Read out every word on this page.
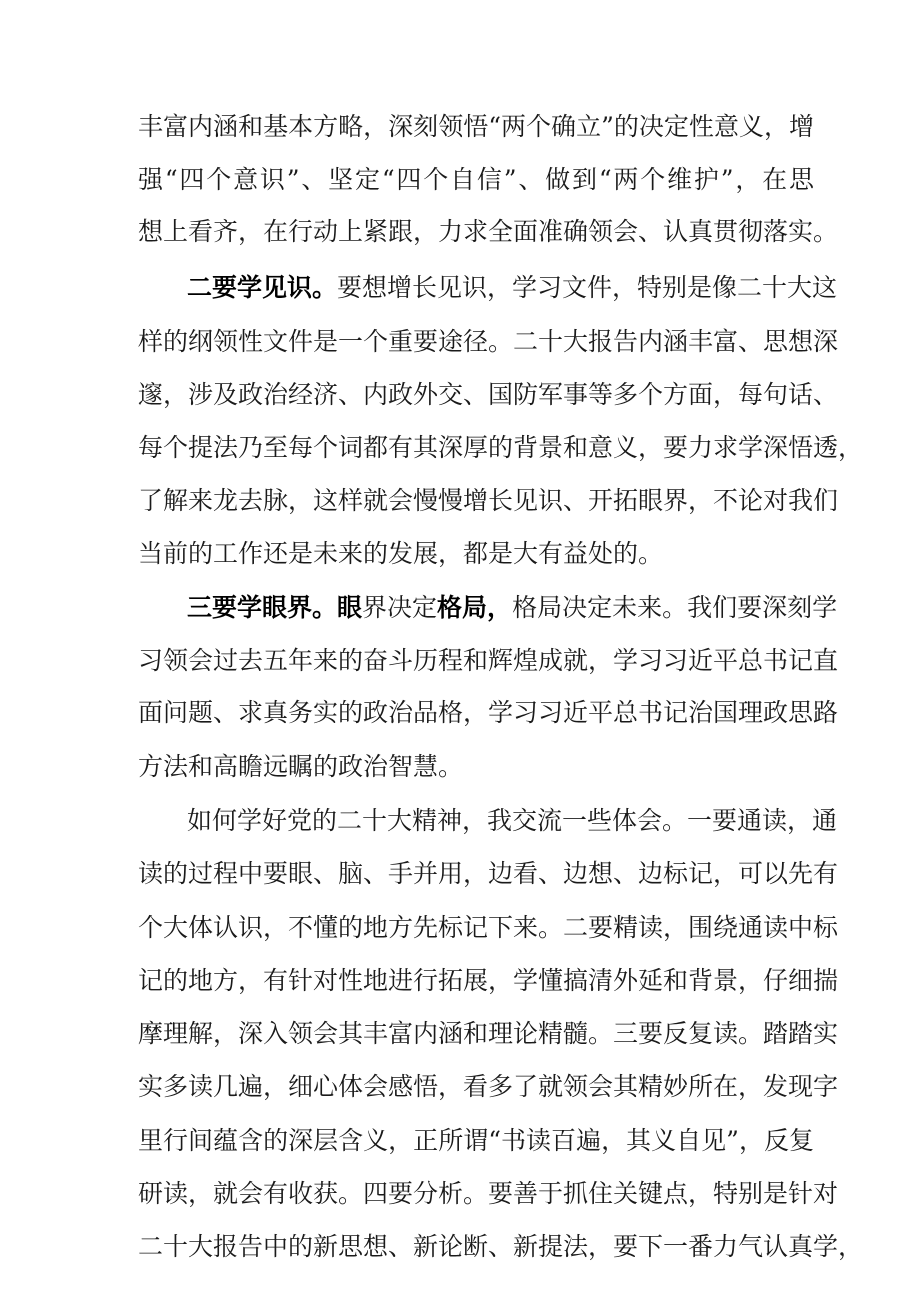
丰富内涵和基本方略，深刻领悟“两个确立”的决定性意义，增
强“四个意识”、坚定“四个自信”、做到“两个维护”，在思
想上看齐，在行动上紧跟，力求全面准确领会、认真贯彻落实。
二要学见识。要想增长见识，学习文件，特别是像二十大这
样的纲领性文件是一个重要途径。二十大报告内涵丰富、思想深
邃，涉及政治经济、内政外交、国防军事等多个方面，每句话、
每个提法乃至每个词都有其深厚的背景和意义，要力求学深悟透，
了解来龙去脉，这样就会慢慢增长见识、开拓眼界，不论对我们
当前的工作还是未来的发展，都是大有益处的。
三要学眼界。眼界决定格局，格局决定未来。我们要深刻学
习领会过去五年来的奋斗历程和辉煌成就，学习习近平总书记直
面问题、求真务实的政治品格，学习习近平总书记治国理政思路
方法和高瞻远瞩的政治智慧。
如何学好党的二十大精神，我交流一些体会。一要通读，通
读的过程中要眼、脑、手并用，边看、边想、边标记，可以先有
个大体认识，不懂的地方先标记下来。二要精读，围绕通读中标
记的地方，有针对性地进行拓展，学懂搞清外延和背景，仔细揣
摩理解，深入领会其丰富内涵和理论精髓。三要反复读。踏踏实
实多读几遍，细心体会感悟，看多了就领会其精妙所在，发现字
里行间蕴含的深层含义，正所谓“书读百遍，其义自见”，反复
研读，就会有收获。四要分析。要善于抓住关键点，特别是针对
二十大报告中的新思想、新论断、新提法，要下一番力气认真学，
